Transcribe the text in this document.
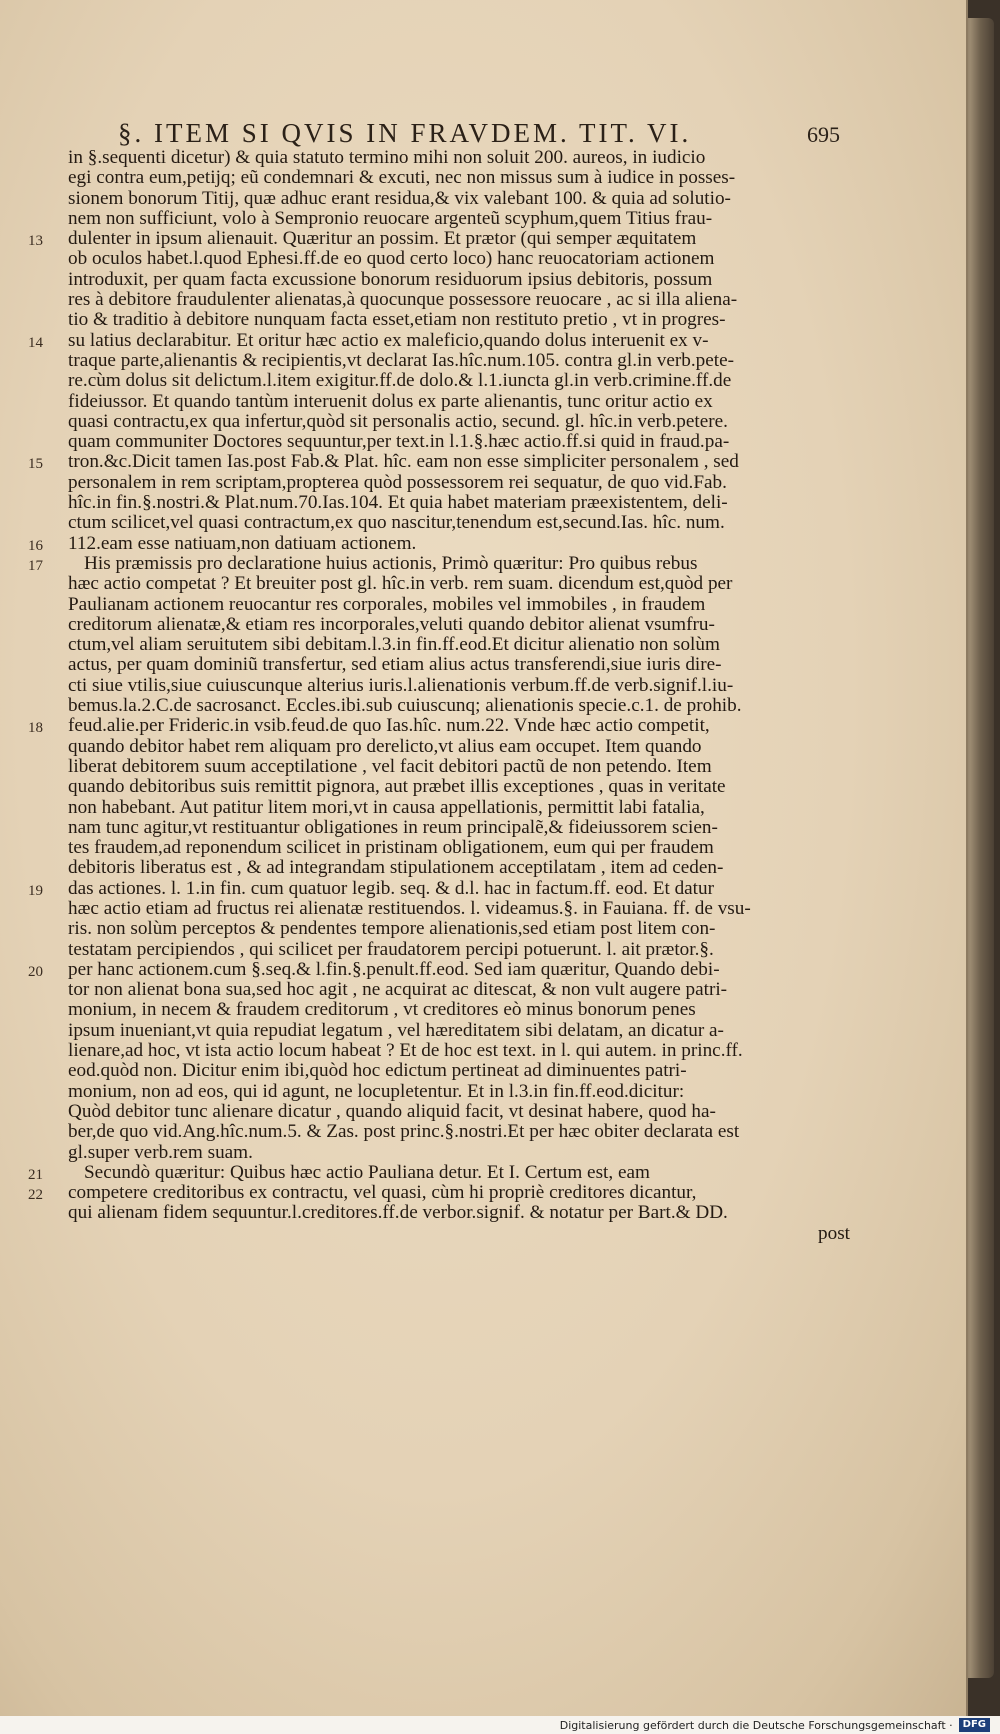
§. ITEM SI QVIS IN FRAVDEM. TIT. VI.	695
in §.sequenti dicetur) & quia statuto termino mihi non soluit 200. aureos, in iudicio
egi contra eum,petijq; eũ condemnari & excuti, nec non missus sum à iudice in posses-
sionem bonorum Titij, quæ adhuc erant residua,& vix valebant 100. & quia ad solutio-
nem non sufficiunt, volo à Sempronio reuocare argenteũ scyphum,quem Titius frau-
13 dulenter in ipsum alienauit. Quæritur an possim. Et prætor (qui semper æquitatem
ob oculos habet.l.quod Ephesi.ff.de eo quod certo loco) hanc reuocatoriam actionem
introduxit, per quam facta excussione bonorum residuorum ipsius debitoris, possum
res à debitore fraudulenter alienatas,à quocunque possessore reuocare , ac si illa aliena-
tio & traditio à debitore nunquam facta esset,etiam non restituto pretio , vt in progres-
14 su latius declarabitur. Et oritur hæc actio ex maleficio,quando dolus interuenit ex v-
traque parte,alienantis & recipientis,vt declarat Ias.hîc.num.105. contra gl.in verb.pete-
re.cùm dolus sit delictum.l.item exigitur.ff.de dolo.& l.1.iuncta gl.in verb.crimine.ff.de
fideiussor. Et quando tantùm interuenit dolus ex parte alienantis, tunc oritur actio ex
quasi contractu,ex qua infertur,quòd sit personalis actio, secund. gl. hîc.in verb.petere.
quam communiter Doctores sequuntur,per text.in l.1.§.hæc actio.ff.si quid in fraud.pa-
15 tron.&c.Dicit tamen Ias.post Fab.& Plat. hîc. eam non esse simpliciter personalem , sed
personalem in rem scriptam,propterea quòd possessorem rei sequatur, de quo vid.Fab.
hîc.in fin.§.nostri.& Plat.num.70.Ias.104. Et quia habet materiam præexistentem, deli-
ctum scilicet,vel quasi contractum,ex quo nascitur,tenendum est,secund.Ias. hîc. num.
16 112.eam esse natiuam,non datiuam actionem.
17 His præmissis pro declaratione huius actionis, Primò quæritur: Pro quibus rebus
hæc actio competat ? Et breuiter post gl. hîc.in verb. rem suam. dicendum est,quòd per
Paulianam actionem reuocantur res corporales, mobiles vel immobiles , in fraudem
creditorum alienatæ,& etiam res incorporales,veluti quando debitor alienat vsumfru-
ctum,vel aliam seruitutem sibi debitam.l.3.in fin.ff.eod.Et dicitur alienatio non solùm
actus, per quam dominiũ transfertur, sed etiam alius actus transferendi,siue iuris dire-
cti siue vtilis,siue cuiuscunque alterius iuris.l.alienationis verbum.ff.de verb.signif.l.iu-
bemus.la.2.C.de sacrosanct. Eccles.ibi.sub cuiuscunq; alienationis specie.c.1. de prohib.
18 feud.alie.per Frideric.in vsib.feud.de quo Ias.hîc. num.22. Vnde hæc actio competit,
quando debitor habet rem aliquam pro derelicto,vt alius eam occupet. Item quando
liberat debitorem suum acceptilatione , vel facit debitori pactũ de non petendo. Item
quando debitoribus suis remittit pignora, aut præbet illis exceptiones , quas in veritate
non habebant. Aut patitur litem mori,vt in causa appellationis, permittit labi fatalia,
nam tunc agitur,vt restituantur obligationes in reum principalẽ,& fideiussorem scien-
tes fraudem,ad reponendum scilicet in pristinam obligationem, eum qui per fraudem
debitoris liberatus est , & ad integrandam stipulationem acceptilatam , item ad ceden-
19 das actiones. l. 1.in fin. cum quatuor legib. seq. & d.l. hac in factum.ff. eod. Et datur
hæc actio etiam ad fructus rei alienatæ restituendos. l. videamus.§. in Fauiana. ff. de vsu-
ris. non solùm perceptos & pendentes tempore alienationis,sed etiam post litem con-
testatam percipiendos , qui scilicet per fraudatorem percipi potuerunt. l. ait prætor.§.
20 per hanc actionem.cum §.seq.& l.fin.§.penult.ff.eod. Sed iam quæritur, Quando debi-
tor non alienat bona sua,sed hoc agit , ne acquirat ac ditescat, & non vult augere patri-
monium, in necem & fraudem creditorum , vt creditores eò minus bonorum penes
ipsum inueniant,vt quia repudiat legatum , vel hæreditatem sibi delatam, an dicatur a-
lienare,ad hoc, vt ista actio locum habeat ? Et de hoc est text. in l. qui autem. in princ.ff.
eod.quòd non. Dicitur enim ibi,quòd hoc edictum pertineat ad diminuentes patri-
monium, non ad eos, qui id agunt, ne locupletentur. Et in l.3.in fin.ff.eod.dicitur:
Quòd debitor tunc alienare dicatur , quando aliquid facit, vt desinat habere, quod ha-
ber,de quo vid.Ang.hîc.num.5. & Zas. post princ.§.nostri.Et per hæc obiter declarata est
gl.super verb.rem suam.
21 Secundò quæritur: Quibus hæc actio Pauliana detur. Et I. Certum est, eam
22 competere creditoribus ex contractu, vel quasi, cùm hi propriè creditores dicantur,
qui alienam fidem sequuntur.l.creditores.ff.de verbor.signif. & notatur per Bart.& DD.
post
Digitalisierung gefördert durch die Deutsche Forschungsgemeinschaft ·	DFG
